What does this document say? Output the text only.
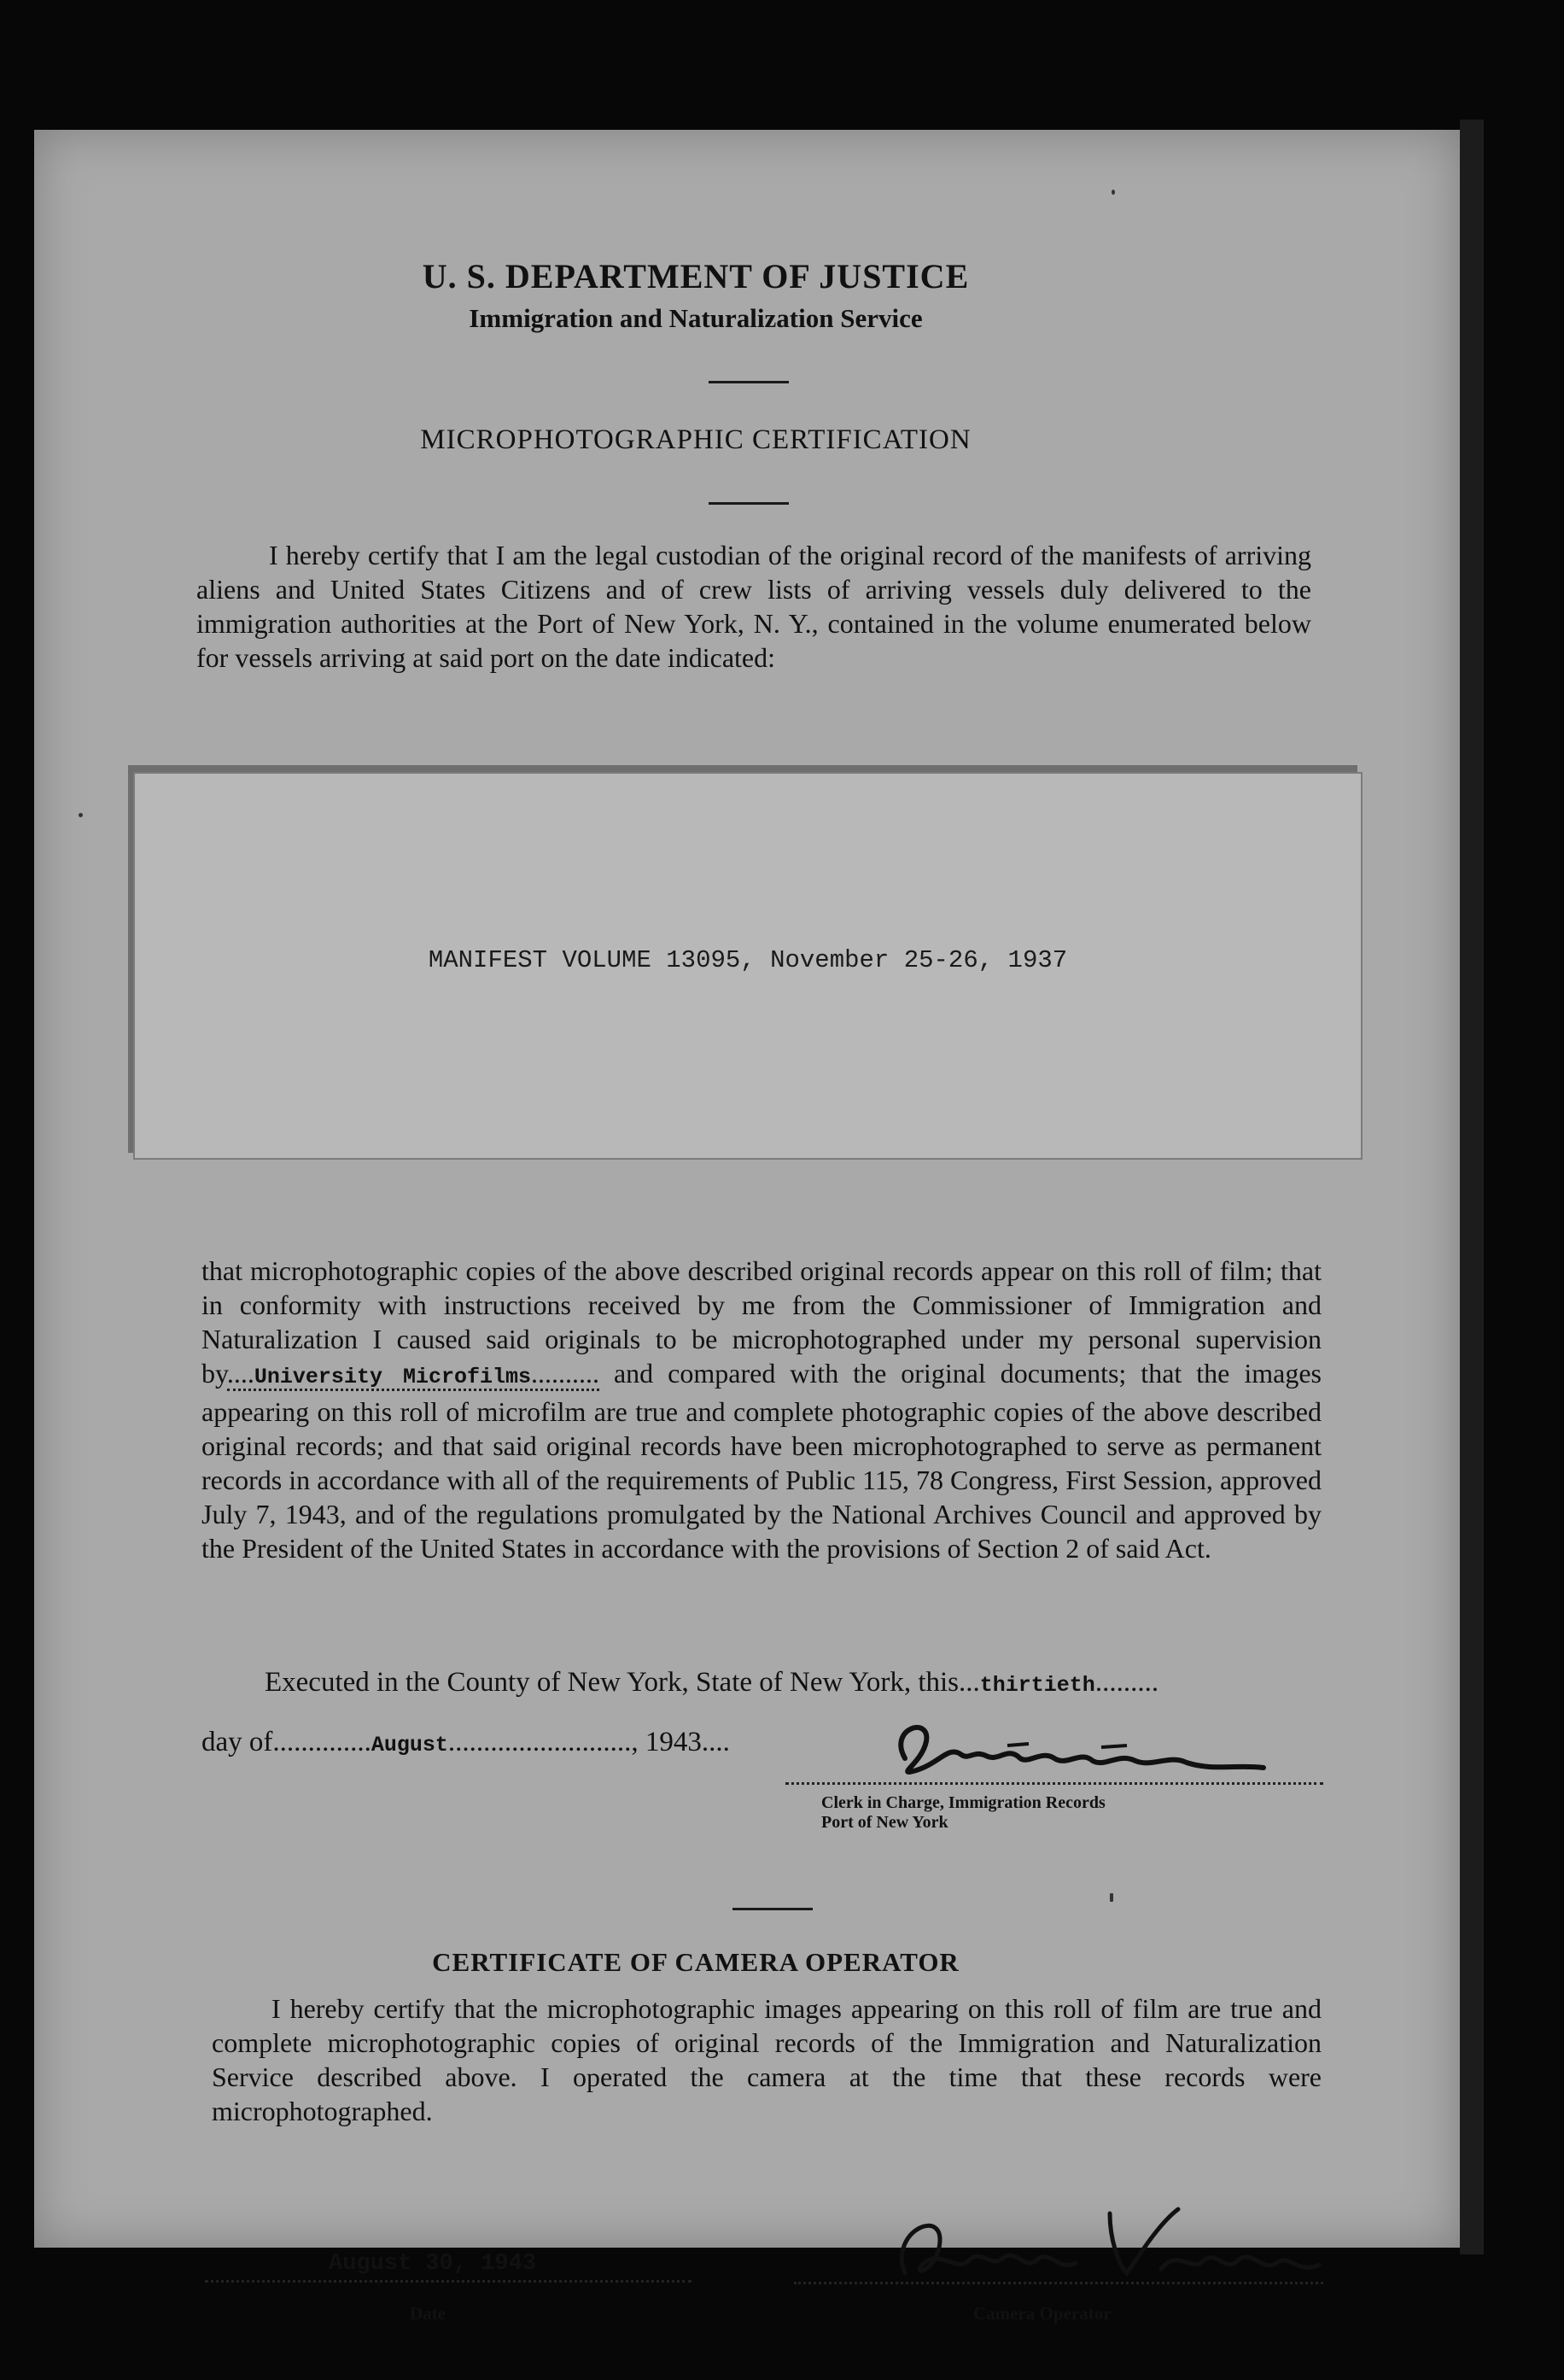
U. S. DEPARTMENT OF JUSTICE
Immigration and Naturalization Service
MICROPHOTOGRAPHIC CERTIFICATION
I hereby certify that I am the legal custodian of the original record of the manifests of arriving aliens and United States Citizens and of crew lists of arriving vessels duly delivered to the immigration authorities at the Port of New York, N. Y., contained in the volume enumerated below for vessels arriving at said port on the date indicated:
MANIFEST VOLUME 13095, November 25-26, 1937
that microphotographic copies of the above described original records appear on this roll of film; that in conformity with instructions received by me from the Commissioner of Immigration and Naturalization I caused said originals to be microphotographed under my personal supervision by....University Microfilms.......... and compared with the original documents; that the images appearing on this roll of microfilm are true and complete photographic copies of the above described original records; and that said original records have been microphotographed to serve as permanent records in accordance with all of the requirements of Public 115, 78 Congress, First Session, approved July 7, 1943, and of the regulations promulgated by the National Archives Council and approved by the President of the United States in accordance with the provisions of Section 2 of said Act.
Executed in the County of New York, State of New York, this...thirtieth.........
day of..............August.........................., 1943....
Clerk in Charge, Immigration Records
Port of New York
CERTIFICATE OF CAMERA OPERATOR
I hereby certify that the microphotographic images appearing on this roll of film are true and complete microphotographic copies of original records of the Immigration and Naturalization Service described above. I operated the camera at the time that these records were microphotographed.
August 30, 1943
Date	Camera Operator
